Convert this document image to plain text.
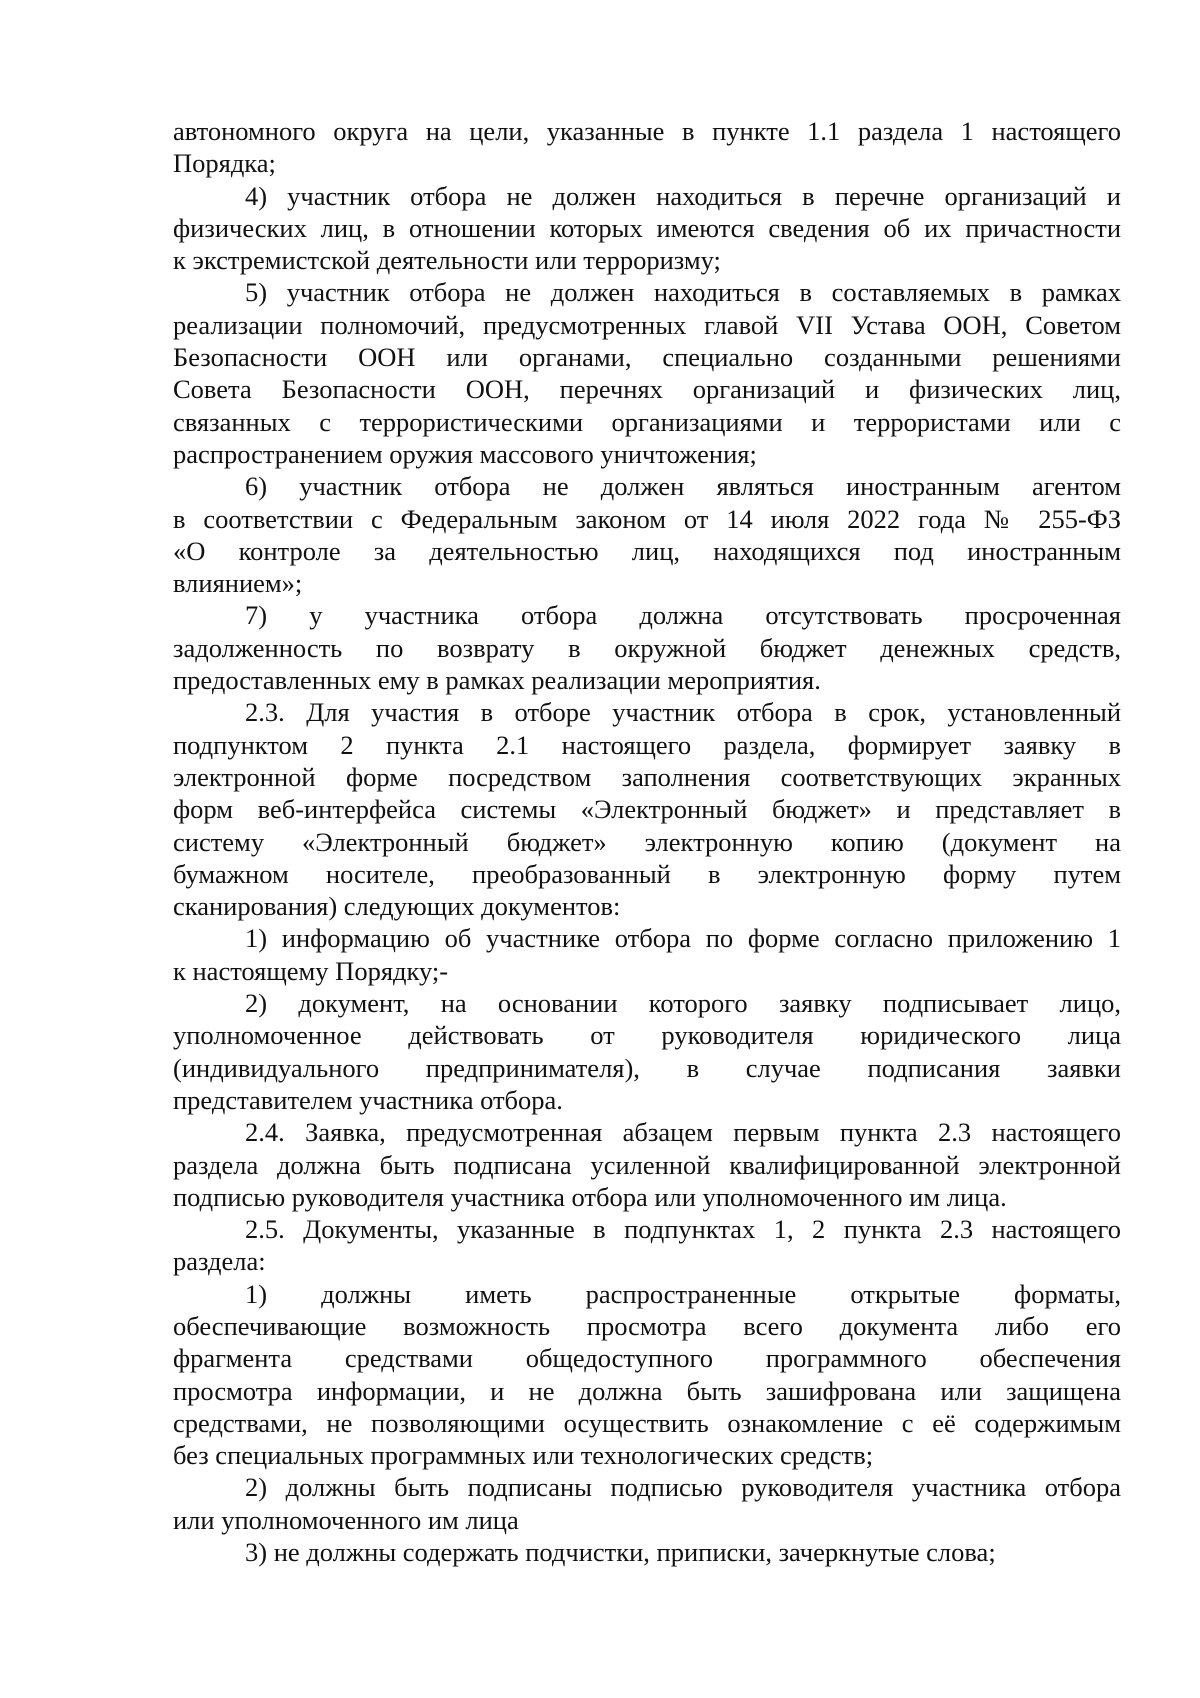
автономного округа на цели, указанные в пункте 1.1 раздела 1 настоящего
Порядка;
4) участник отбора не должен находиться в перечне организаций и
физических лиц, в отношении которых имеются сведения об их причастности
к экстремистской деятельности или терроризму;
5) участник отбора не должен находиться в составляемых в рамках
реализации полномочий, предусмотренных главой VII Устава ООН, Советом
Безопасности ООН или органами, специально созданными решениями
Совета Безопасности ООН, перечнях организаций и физических лиц,
связанных с террористическими организациями и террористами или с
распространением оружия массового уничтожения;
6) участник отбора не должен являться иностранным агентом
в соответствии с Федеральным законом от 14 июля 2022 года № 255-ФЗ
«О контроле за деятельностью лиц, находящихся под иностранным
влиянием»;
7) у участника отбора должна отсутствовать просроченная
задолженность по возврату в окружной бюджет денежных средств,
предоставленных ему в рамках реализации мероприятия.
2.3. Для участия в отборе участник отбора в срок, установленный
подпунктом 2 пункта 2.1 настоящего раздела, формирует заявку в
электронной форме посредством заполнения соответствующих экранных
форм веб-интерфейса системы «Электронный бюджет» и представляет в
систему «Электронный бюджет» электронную копию (документ на
бумажном носителе, преобразованный в электронную форму путем
сканирования) следующих документов:
1) информацию об участнике отбора по форме согласно приложению 1
к настоящему Порядку;-
2) документ, на основании которого заявку подписывает лицо,
уполномоченное действовать от руководителя юридического лица
(индивидуального предпринимателя), в случае подписания заявки
представителем участника отбора.
2.4. Заявка, предусмотренная абзацем первым пункта 2.3 настоящего
раздела должна быть подписана усиленной квалифицированной электронной
подписью руководителя участника отбора или уполномоченного им лица.
2.5. Документы, указанные в подпунктах 1, 2 пункта 2.3 настоящего
раздела:
1) должны иметь распространенные открытые форматы,
обеспечивающие возможность просмотра всего документа либо его
фрагмента средствами общедоступного программного обеспечения
просмотра информации, и не должна быть зашифрована или защищена
средствами, не позволяющими осуществить ознакомление с её содержимым
без специальных программных или технологических средств;
2) должны быть подписаны подписью руководителя участника отбора
или уполномоченного им лица
3) не должны содержать подчистки, приписки, зачеркнутые слова;
